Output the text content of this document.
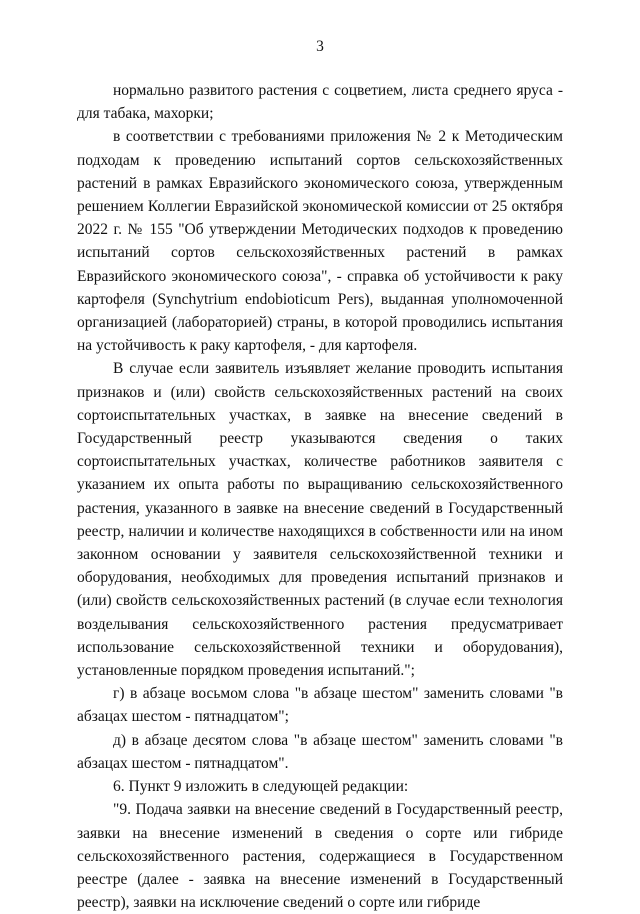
3

нормально развитого растения с соцветием, листа среднего яруса - для табака, махорки;

в соответствии с требованиями приложения № 2 к Методическим подходам к проведению испытаний сортов сельскохозяйственных растений в рамках Евразийского экономического союза, утвержденным решением Коллегии Евразийской экономической комиссии от 25 октября 2022 г. № 155 "Об утверждении Методических подходов к проведению испытаний сортов сельскохозяйственных растений в рамках Евразийского экономического союза", - справка об устойчивости к раку картофеля (Synchytrium endobioticum Pers), выданная уполномоченной организацией (лабораторией) страны, в которой проводились испытания на устойчивость к раку картофеля, - для картофеля.

В случае если заявитель изъявляет желание проводить испытания признаков и (или) свойств сельскохозяйственных растений на своих сортоиспытательных участках, в заявке на внесение сведений в Государственный реестр указываются сведения о таких сортоиспытательных участках, количестве работников заявителя с указанием их опыта работы по выращиванию сельскохозяйственного растения, указанного в заявке на внесение сведений в Государственный реестр, наличии и количестве находящихся в собственности или на ином законном основании у заявителя сельскохозяйственной техники и оборудования, необходимых для проведения испытаний признаков и (или) свойств сельскохозяйственных растений (в случае если технология возделывания сельскохозяйственного растения предусматривает использование сельскохозяйственной техники и оборудования), установленные порядком проведения испытаний.";

г) в абзаце восьмом слова "в абзаце шестом" заменить словами "в абзацах шестом - пятнадцатом";

д) в абзаце десятом слова "в абзаце шестом" заменить словами "в абзацах шестом - пятнадцатом".

6. Пункт 9 изложить в следующей редакции:

"9. Подача заявки на внесение сведений в Государственный реестр, заявки на внесение изменений в сведения о сорте или гибриде сельскохозяйственного растения, содержащиеся в Государственном реестре (далее - заявка на внесение изменений в Государственный реестр), заявки на исключение сведений о сорте или гибриде
